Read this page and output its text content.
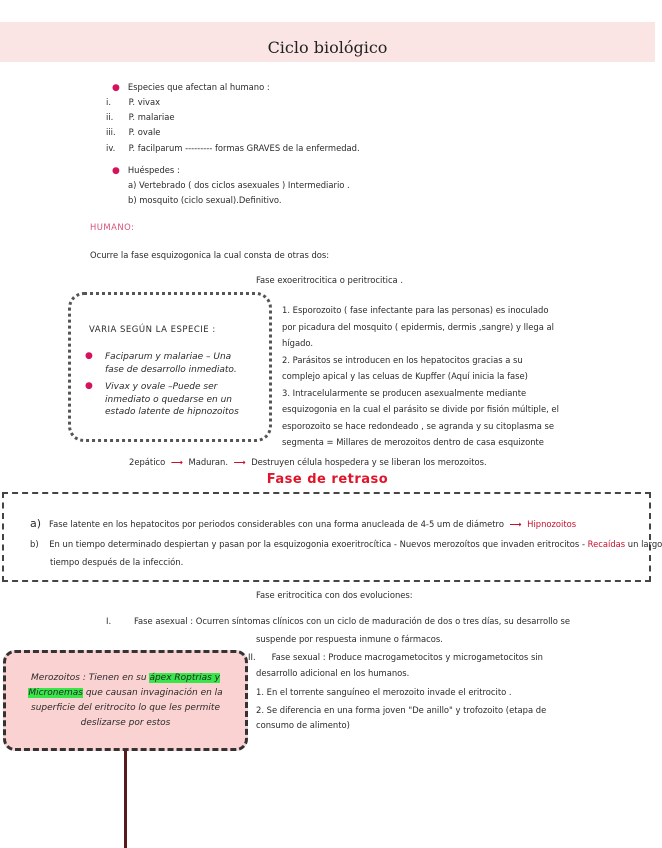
Ciclo biológico
● Especies que afectan al humano :
i. P. vivax
ii. P. malariae
iii. P. ovale
iv. P. facilparum --------- formas GRAVES de la enfermedad.
● Huéspedes :
a) Vertebrado ( dos ciclos asexuales ) Intermediario .
b) mosquito (ciclo sexual).Definitivo.
HUMANO:
Ocurre la fase esquizogonica la cual consta de otras dos:
Fase exoeritrocitica o peritrocitica .
VARIA SEGÚN LA ESPECIE :
● Faciparum y malariae – Una
fase de desarrollo inmediato.
● Vivax y ovale –Puede ser
inmediato o quedarse en un
estado latente de hipnozoitos
1. Esporozoito ( fase infectante para las personas) es inoculado
por picadura del mosquito ( epidermis, dermis ,sangre) y llega al
hígado.
2. Parásitos se introducen en los hepatocitos gracias a su
complejo apical y las celuas de Kupffer (Aquí inicia la fase)
3. Intracelularmente se producen asexualmente mediante
esquizogonia en la cual el parásito se divide por fisión múltiple, el
esporozoito se hace redondeado , se agranda y su citoplasma se
segmenta = Millares de merozoitos dentro de casa esquizonte
2epático  ⟶  Maduran.  ⟶  Destruyen célula hospedera y se liberan los merozoitos.
Fase de retraso
a) Fase latente en los hepatocitos por periodos considerables con una forma anucleada de 4-5 um de diámetro  ⟶  Hipnozoitos
b) En un tiempo determinado despiertan y pasan por la esquizogonia exoeritrocítica - Nuevos merozoítos que invaden eritrocitos - Recaídas un largo
tiempo después de la infección.
Fase eritrocitica con dos evoluciones:
I.	Fase asexual : Ocurren síntomas clínicos con un ciclo de maduración de dos o tres días, su desarrollo se
suspende por respuesta inmune o fármacos.
II. Fase sexual : Produce macrogametocitos y microgametocitos sin
desarrollo adicional en los humanos.
1. En el torrente sanguíneo el merozoito invade el eritrocito .
2. Se diferencia en una forma joven "De anillo" y trofozoito (etapa de
consumo de alimento)
Merozoitos : Tienen en su ápex Roptrias y
Micronemas que causan invaginación en la
superficie del eritrocito lo que les permite
deslizarse por estos
